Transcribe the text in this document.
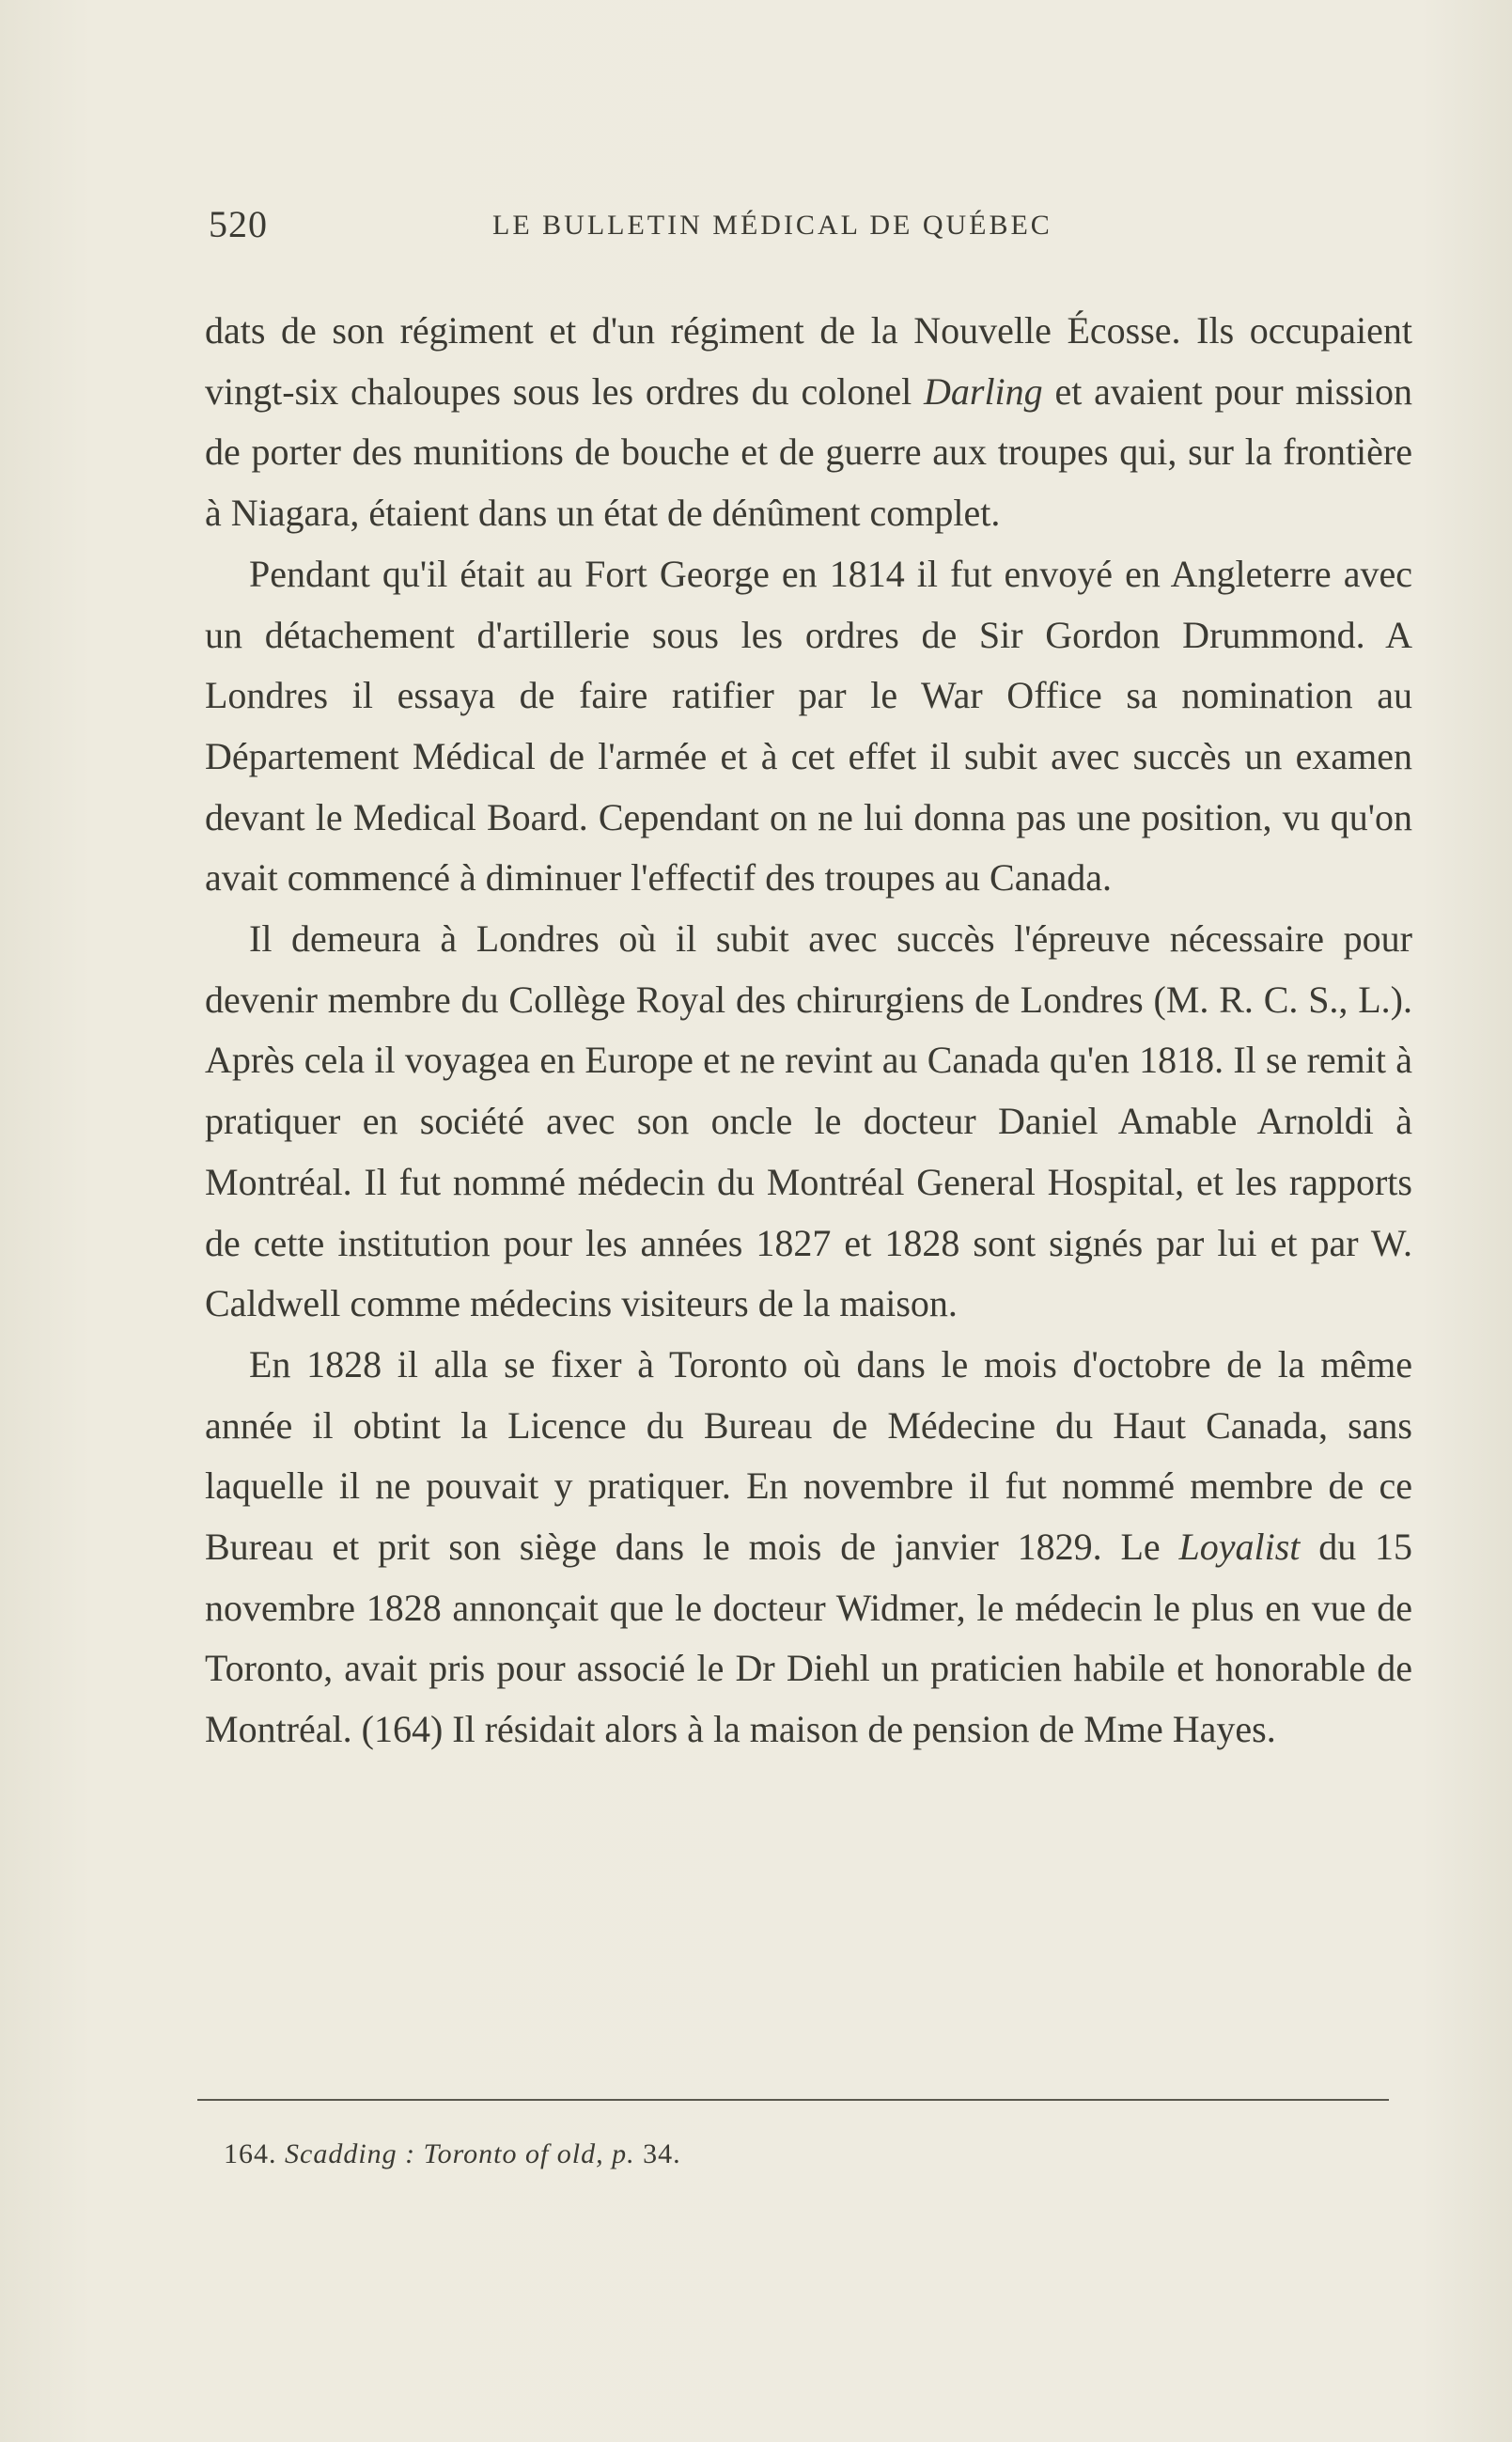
520	LE BULLETIN MÉDICAL DE QUÉBEC

dats de son régiment et d'un régiment de la Nouvelle Écosse. Ils occupaient vingt-six chaloupes sous les ordres du colonel Darling et avaient pour mission de porter des munitions de bouche et de guerre aux troupes qui, sur la frontière à Niagara, étaient dans un état de dénûment complet.

Pendant qu'il était au Fort George en 1814 il fut envoyé en Angleterre avec un détachement d'artillerie sous les ordres de Sir Gordon Drummond. A Londres il essaya de faire ratifier par le War Office sa nomination au Département Médical de l'armée et à cet effet il subit avec succès un examen devant le Medical Board. Cependant on ne lui donna pas une position, vu qu'on avait commencé à diminuer l'effectif des troupes au Canada.

Il demeura à Londres où il subit avec succès l'épreuve nécessaire pour devenir membre du Collège Royal des chirurgiens de Londres (M. R. C. S., L.). Après cela il voyagea en Europe et ne revint au Canada qu'en 1818. Il se remit à pratiquer en société avec son oncle le docteur Daniel Amable Arnoldi à Montréal. Il fut nommé médecin du Montréal General Hospital, et les rapports de cette institution pour les années 1827 et 1828 sont signés par lui et par W. Caldwell comme médecins visiteurs de la maison.

En 1828 il alla se fixer à Toronto où dans le mois d'octobre de la même année il obtint la Licence du Bureau de Médecine du Haut Canada, sans laquelle il ne pouvait y pratiquer. En novembre il fut nommé membre de ce Bureau et prit son siège dans le mois de janvier 1829. Le Loyalist du 15 novembre 1828 annonçait que le docteur Widmer, le médecin le plus en vue de Toronto, avait pris pour associé le Dr Diehl un praticien habile et honorable de Montréal. (164) Il résidait alors à la maison de pension de Mme Hayes.

164. Scadding : Toronto of old, p. 34.
